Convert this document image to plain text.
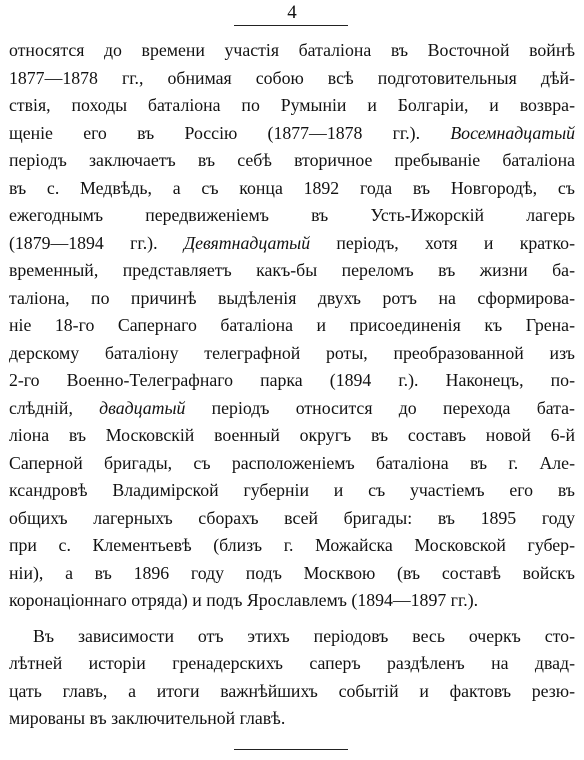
4
относятся до времени участія баталіона въ Восточной войнѣ
1877—1878 гг., обнимая собою всѣ подготовительныя дѣй-
ствія, походы баталіона по Румыніи и Болгаріи, и возвра-
щеніе его въ Россію (1877—1878 гг.). Восемнадцатый
періодъ заключаетъ въ себѣ вторичное пребываніе баталіона
въ с. Медвѣдь, а съ конца 1892 года въ Новгородѣ, съ
ежегоднымъ передвиженіемъ въ Усть-Ижорскій лагерь
(1879—1894 гг.). Девятнадцатый періодъ, хотя и кратко-
временный, представляетъ какъ-бы переломъ въ жизни ба-
таліона, по причинѣ выдѣленія двухъ ротъ на сформирова-
ніе 18-го Сапернаго баталіона и присоединенія къ Грена-
дерскому баталіону телеграфной роты, преобразованной изъ
2-го Военно-Телеграфнаго парка (1894 г.). Наконецъ, по-
слѣдній, двадцатый періодъ относится до перехода бата-
ліона въ Московскій военный округъ въ составъ новой 6-й
Саперной бригады, съ расположеніемъ баталіона въ г. Але-
ксандровѣ Владимірской губерніи и съ участіемъ его въ
общихъ лагерныхъ сборахъ всей бригады: въ 1895 году
при с. Клементьевѣ (близъ г. Можайска Московской губер-
ніи), а въ 1896 году подъ Москвою (въ составѣ войскъ
коронаціоннаго отряда) и подъ Ярославлемъ (1894—1897 гг.).
Въ зависимости отъ этихъ періодовъ весь очеркъ сто-
лѣтней исторіи гренадерскихъ саперъ раздѣленъ на двад-
цать главъ, а итоги важнѣйшихъ событій и фактовъ резю-
мированы въ заключительной главѣ.
